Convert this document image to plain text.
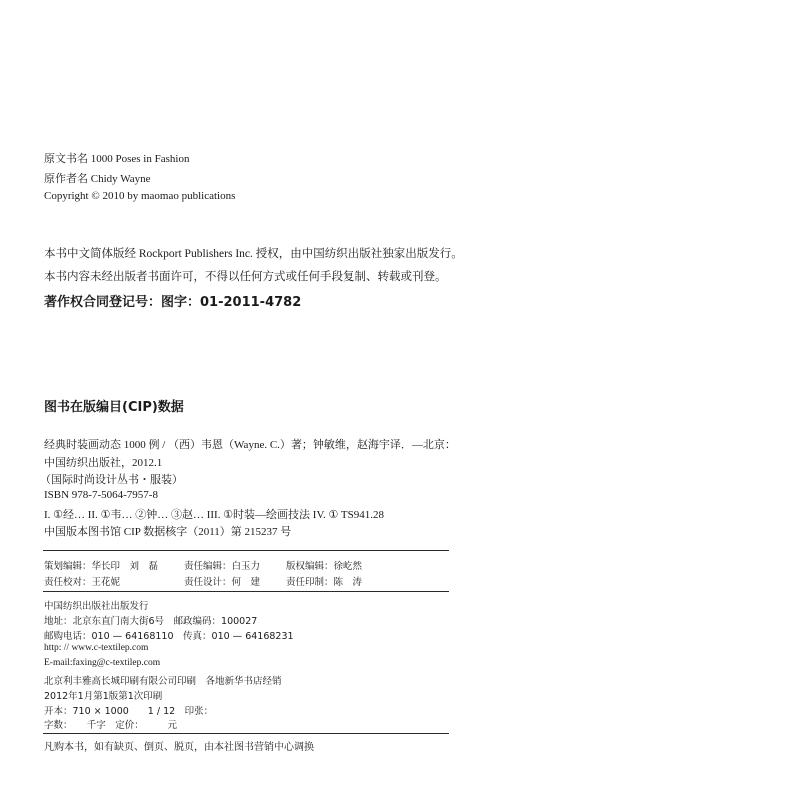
原文书名 1000 Poses in Fashion
原作者名 Chidy Wayne
Copyright © 2010 by maomao publications
本书中文简体版经 Rockport Publishers Inc. 授权，由中国纺织出版社独家出版发行。
本书内容未经出版者书面许可，不得以任何方式或任何手段复制、转载或刊登。
著作权合同登记号：图字：01-2011-4782
图书在版编目(CIP)数据
经典时装画动态 1000 例 / （西）韦恩（Wayne. C.）著；钟敏维，赵海宇译．—北京：
中国纺织出版社，2012.1
（国际时尚设计丛书・服装）
ISBN 978-7-5064-7957-8
I. ①经… II. ①韦… ②钟… ③赵… III. ①时装—绘画技法 IV. ① TS941.28
中国版本图书馆 CIP 数据核字（2011）第 215237 号
策划编辑：华长印　刘　磊	责任编辑：白玉力	版权编辑：徐屹然
责任校对：王花妮	责任设计：何　建	责任印制：陈　涛
中国纺织出版社出版发行
地址：北京东直门南大街6号　邮政编码：100027
邮购电话：010 — 64168110　传真：010 — 64168231
http: // www.c-textilep.com
E-mail:faxing@c-textilep.com
北京利丰雅高长城印刷有限公司印刷　各地新华书店经销
2012年1月第1版第1次印刷
开本：710 × 1000　　1 / 12　印张：
字数：　　千字　定价：　　　元
凡购本书，如有缺页、倒页、脱页，由本社图书营销中心调换
